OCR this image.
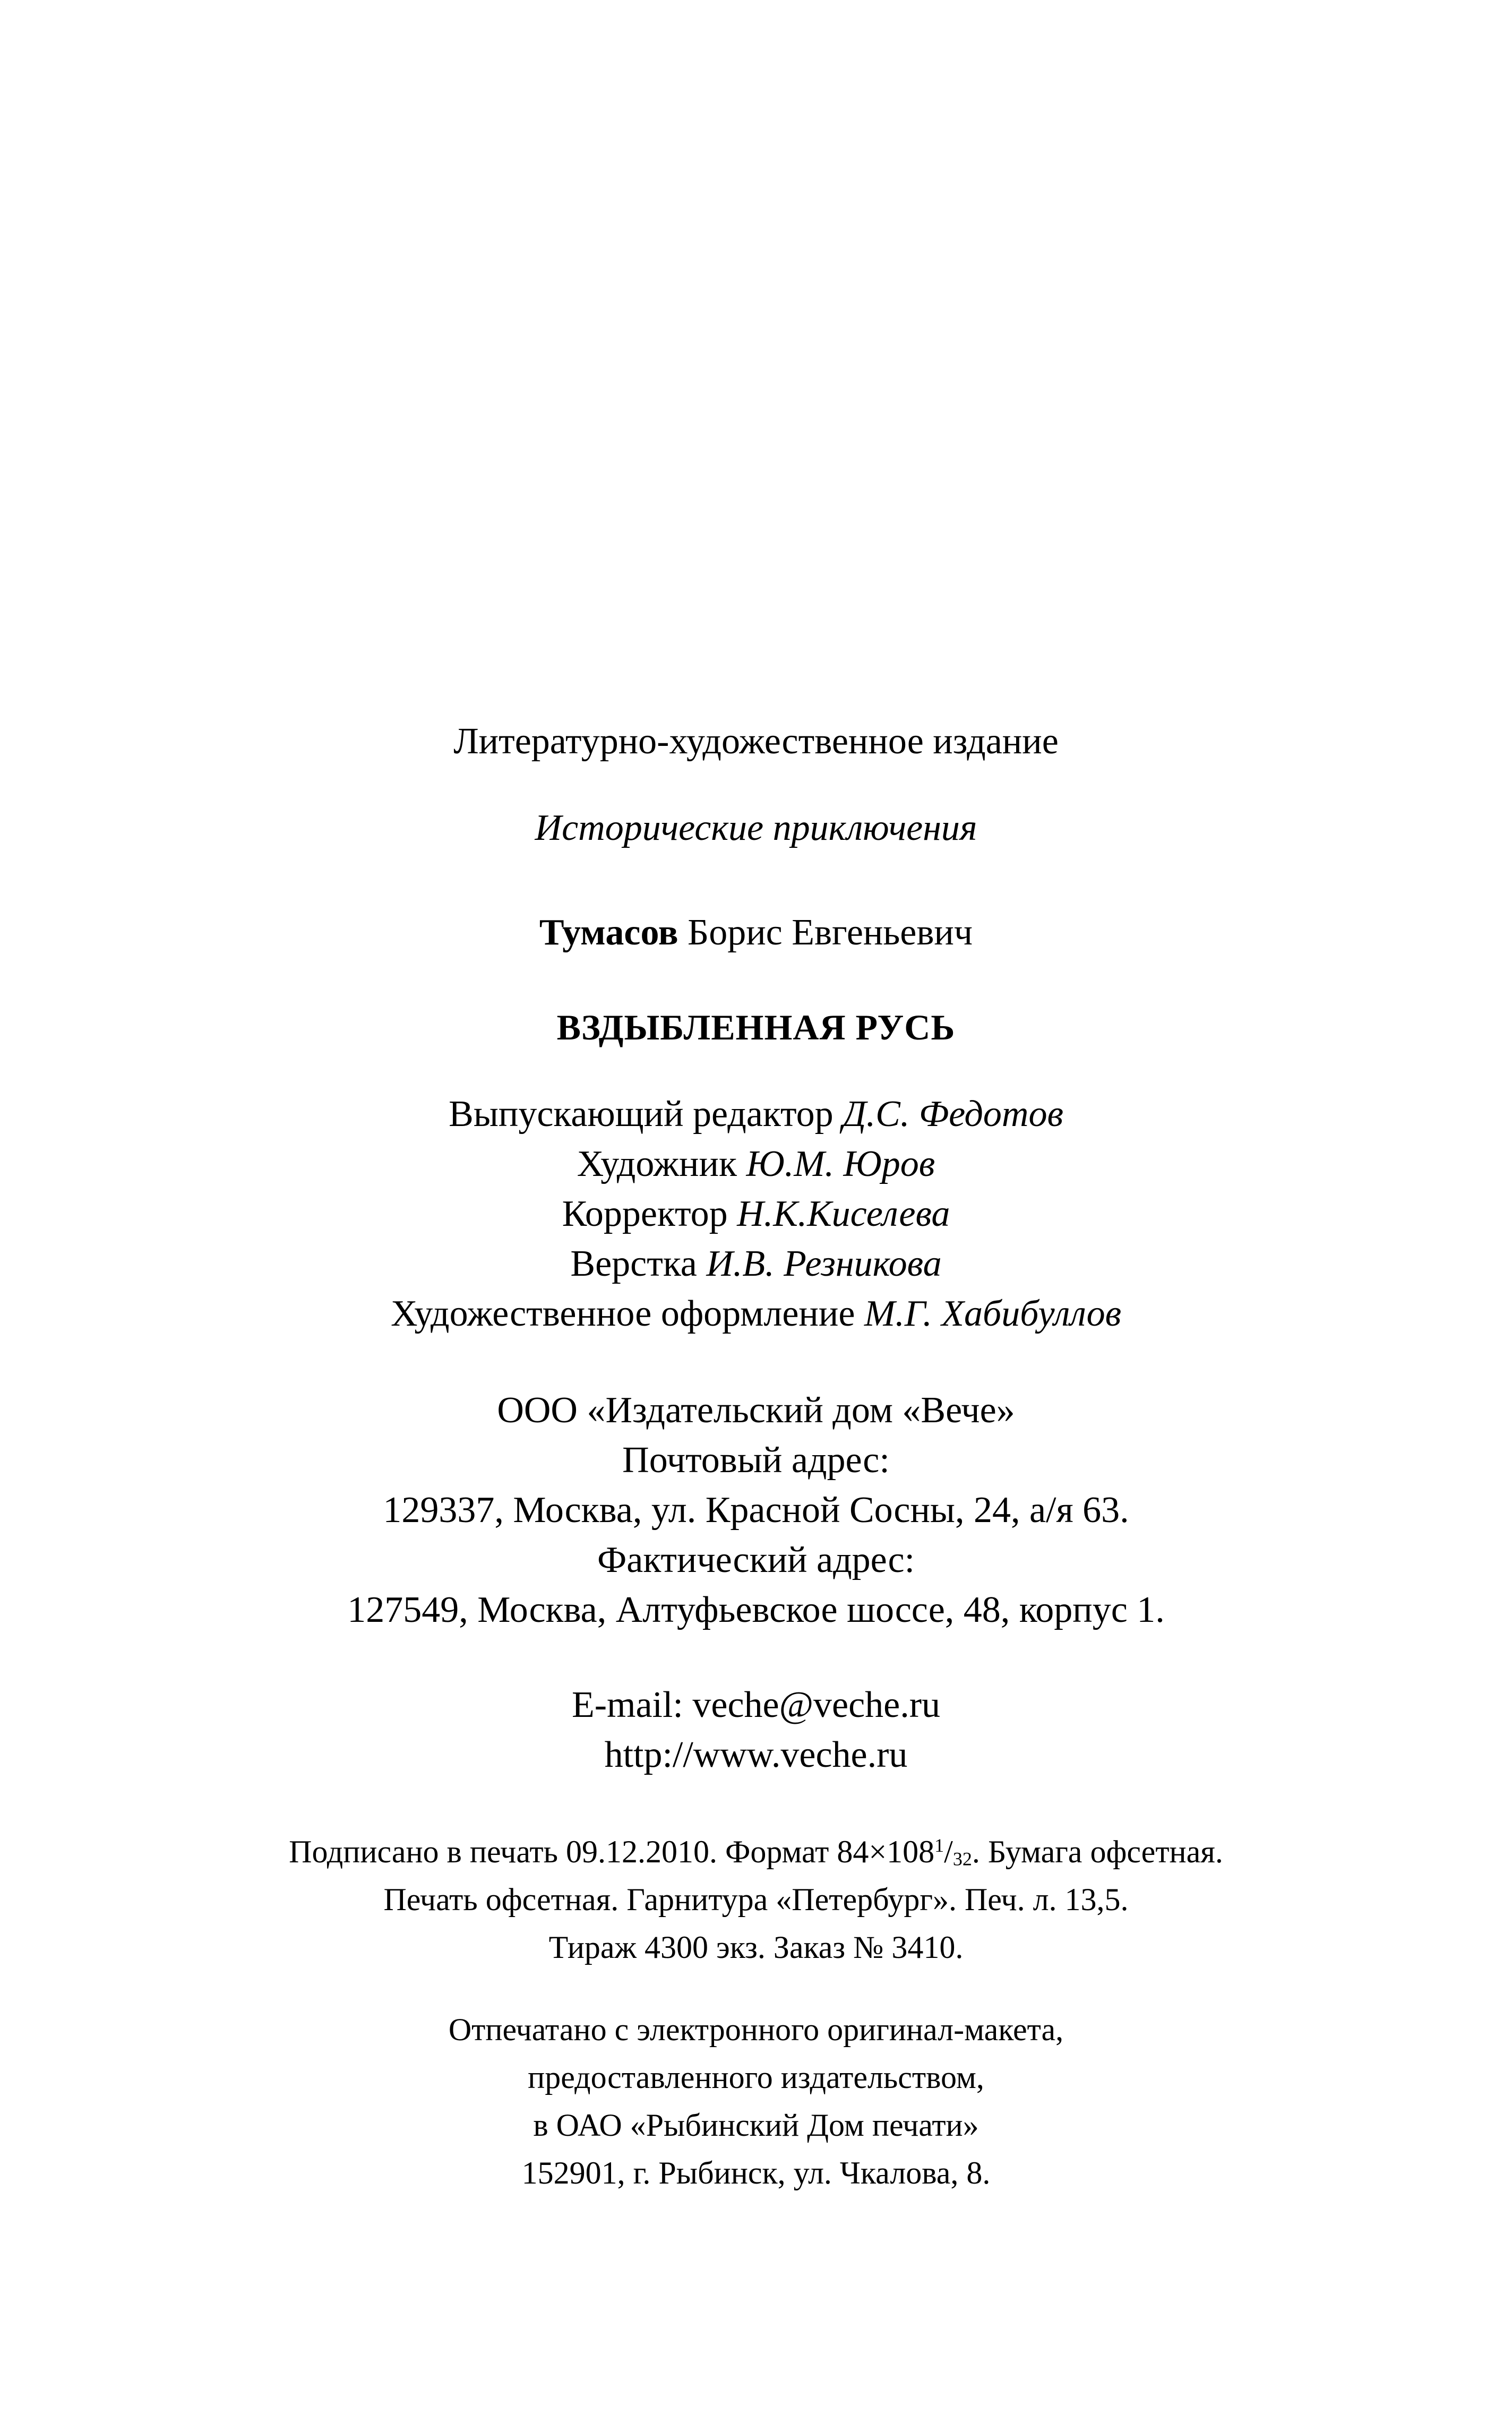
Литературно-художественное издание
Исторические приключения
Тумасов Борис Евгеньевич
ВЗДЫБЛЕННАЯ РУСЬ
Выпускающий редактор Д.С. Федотов
Художник Ю.М. Юров
Корректор Н.К.Киселева
Верстка И.В. Резникова
Художественное оформление М.Г. Хабибуллов
ООО «Издательский дом «Вече»
Почтовый адрес:
129337, Москва, ул. Красной Сосны, 24, а/я 63.
Фактический адрес:
127549, Москва, Алтуфьевское шоссе, 48, корпус 1.
E-mail: veche@veche.ru
http://www.veche.ru
Подписано в печать 09.12.2010. Формат $84\times 108^1/_{32}$. Бумага офсетная.
Печать офсетная. Гарнитура «Петербург». Печ. л. 13,5.
Тираж 4300 экз. Заказ № 3410.
Отпечатано с электронного оригинал-макета,
предоставленного издательством,
в ОАО «Рыбинский Дом печати»
152901, г. Рыбинск, ул. Чкалова, 8.
